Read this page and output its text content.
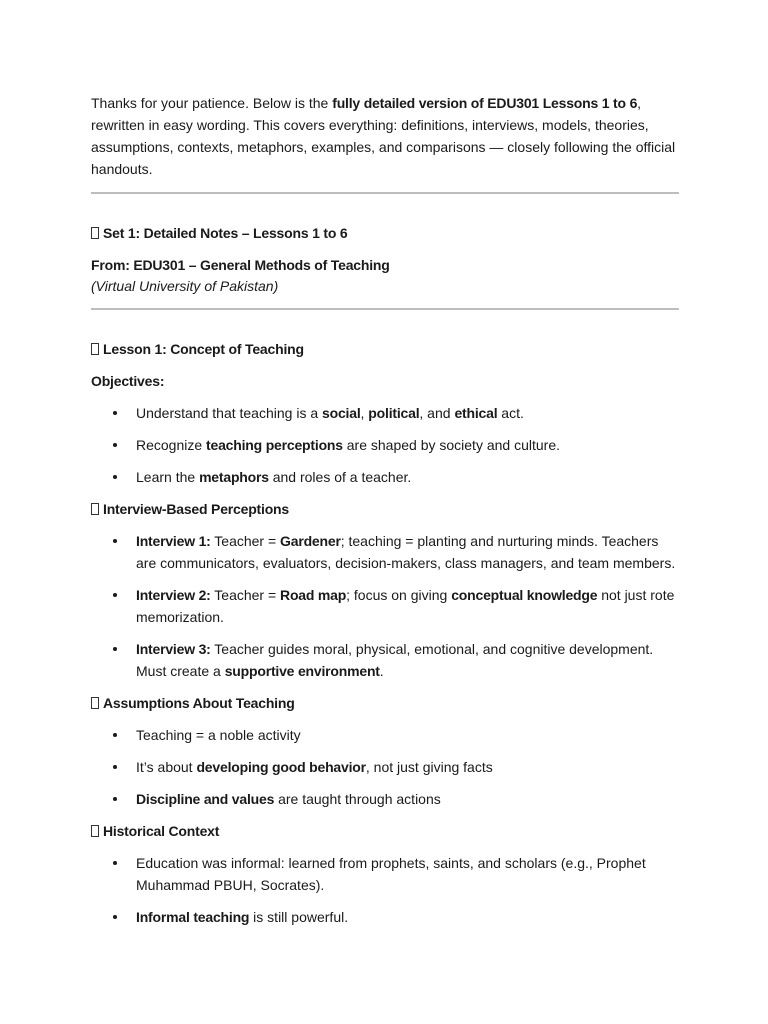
Thanks for your patience. Below is the fully detailed version of EDU301 Lessons 1 to 6, rewritten in easy wording. This covers everything: definitions, interviews, models, theories, assumptions, contexts, metaphors, examples, and comparisons — closely following the official handouts.

Set 1: Detailed Notes – Lessons 1 to 6

From: EDU301 – General Methods of Teaching

(Virtual University of Pakistan)

Lesson 1: Concept of Teaching

Objectives:

Understand that teaching is a social, political, and ethical act.
Recognize teaching perceptions are shaped by society and culture.
Learn the metaphors and roles of a teacher.

Interview-Based Perceptions

Interview 1: Teacher = Gardener; teaching = planting and nurturing minds. Teachers are communicators, evaluators, decision-makers, class managers, and team members.
Interview 2: Teacher = Road map; focus on giving conceptual knowledge not just rote memorization.
Interview 3: Teacher guides moral, physical, emotional, and cognitive development. Must create a supportive environment.

Assumptions About Teaching

Teaching = a noble activity
It’s about developing good behavior, not just giving facts
Discipline and values are taught through actions

Historical Context

Education was informal: learned from prophets, saints, and scholars (e.g., Prophet Muhammad PBUH, Socrates).
Informal teaching is still powerful.
